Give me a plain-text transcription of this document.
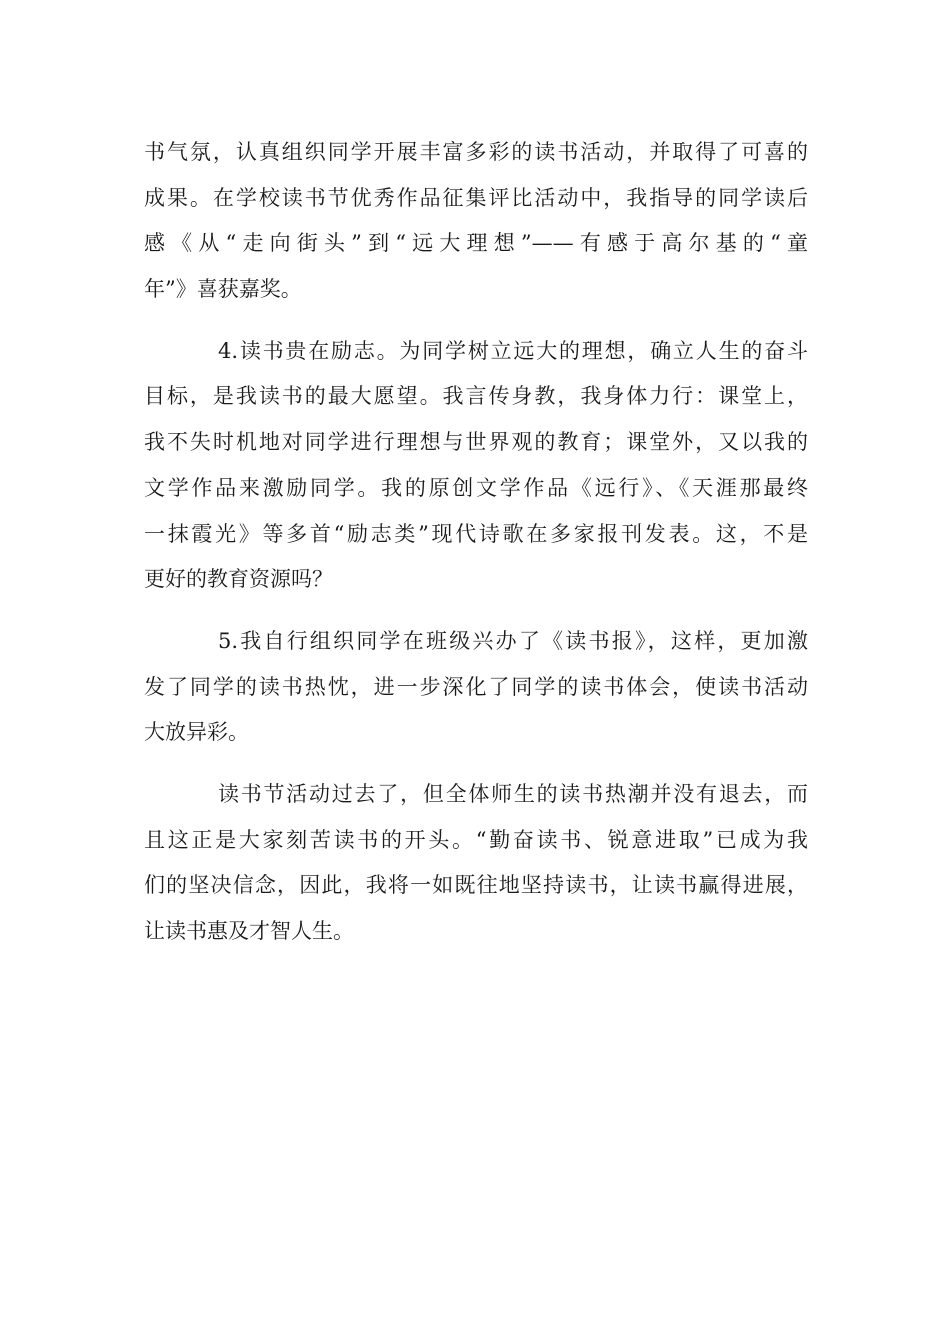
书气氛，认真组织同学开展丰富多彩的读书活动，并取得了可喜的
成果。在学校读书节优秀作品征集评比活动中，我指导的同学读后
感《从“走向街头”到“远大理想”——有感于高尔基的“童
年”》喜获嘉奖。
4.读书贵在励志。为同学树立远大的理想，确立人生的奋斗
目标，是我读书的最大愿望。我言传身教，我身体力行：课堂上，
我不失时机地对同学进行理想与世界观的教育；课堂外，又以我的
文学作品来激励同学。我的原创文学作品《远行》、《天涯那最终
一抹霞光》等多首“励志类”现代诗歌在多家报刊发表。这，不是
更好的教育资源吗？
5.我自行组织同学在班级兴办了《读书报》，这样，更加激
发了同学的读书热忱，进一步深化了同学的读书体会，使读书活动
大放异彩。
读书节活动过去了，但全体师生的读书热潮并没有退去，而
且这正是大家刻苦读书的开头。“勤奋读书、锐意进取”已成为我
们的坚决信念，因此，我将一如既往地坚持读书，让读书赢得进展，
让读书惠及才智人生。
